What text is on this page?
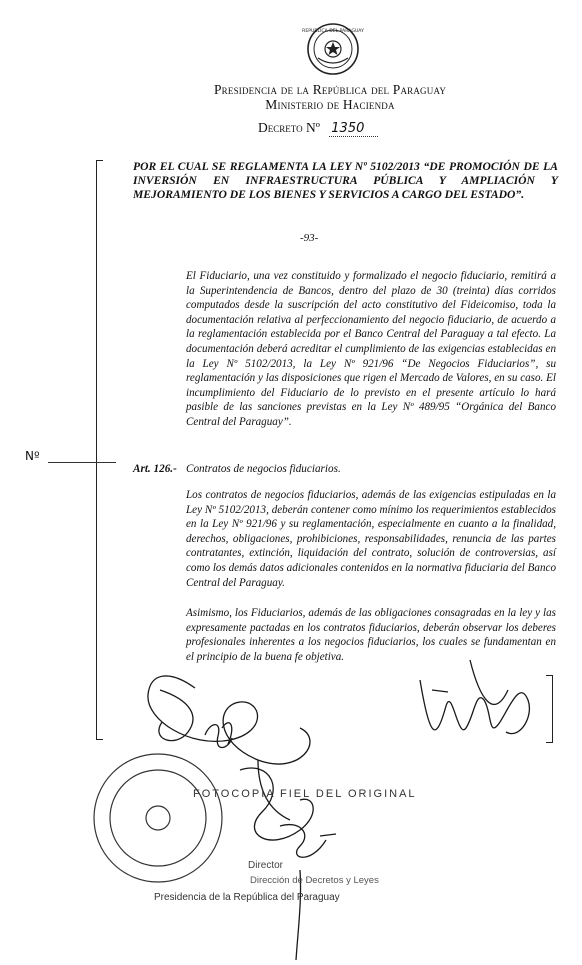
REPUBLICA DEL PARAGUAY
Presidencia de la República del Paraguay
Ministerio de Hacienda
Decreto Nº 1350
POR EL CUAL SE REGLAMENTA LA LEY Nº 5102/2013 “DE PROMOCIÓN DE LA INVERSIÓN EN INFRAESTRUCTURA PÚBLICA Y AMPLIACIÓN Y MEJORAMIENTO DE LOS BIENES Y SERVICIOS A CARGO DEL ESTADO”.
-93-
El Fiduciario, una vez constituido y formalizado el negocio fiduciario, remitirá a la Superintendencia de Bancos, dentro del plazo de 30 (treinta) días corridos computados desde la suscripción del acto constitutivo del Fideicomiso, toda la documentación relativa al perfeccionamiento del negocio fiduciario, de acuerdo a la reglamentación establecida por el Banco Central del Paraguay a tal efecto. La documentación deberá acreditar el cumplimiento de las exigencias establecidas en la Ley Nº 5102/2013, la Ley Nº 921/96 “De Negocios Fiduciarios”, su reglamentación y las disposiciones que rigen el Mercado de Valores, en su caso. El incumplimiento del Fiduciario de lo previsto en el presente artículo lo hará pasible de las sanciones previstas en la Ley Nº 489/95 “Orgánica del Banco Central del Paraguay”.
Nº
Art. 126.- Contratos de negocios fiduciarios.
Los contratos de negocios fiduciarios, además de las exigencias estipuladas en la Ley Nº 5102/2013, deberán contener como mínimo los requerimientos establecidos en la Ley Nº 921/96 y su reglamentación, especialmente en cuanto a la finalidad, derechos, obligaciones, prohibiciones, responsabilidades, renuncia de las partes contratantes, extinción, liquidación del contrato, solución de controversias, así como los demás datos adicionales contenidos en la normativa fiduciaria del Banco Central del Paraguay.
Asimismo, los Fiduciarios, además de las obligaciones consagradas en la ley y las expresamente pactadas en los contratos fiduciarios, deberán observar los deberes profesionales inherentes a los negocios fiduciarios, los cuales se fundamentan en el principio de la buena fe objetiva.
FOTOCOPIA FIEL DEL ORIGINAL
Director
Dirección de Decretos y Leyes
Presidencia de la República del Paraguay
